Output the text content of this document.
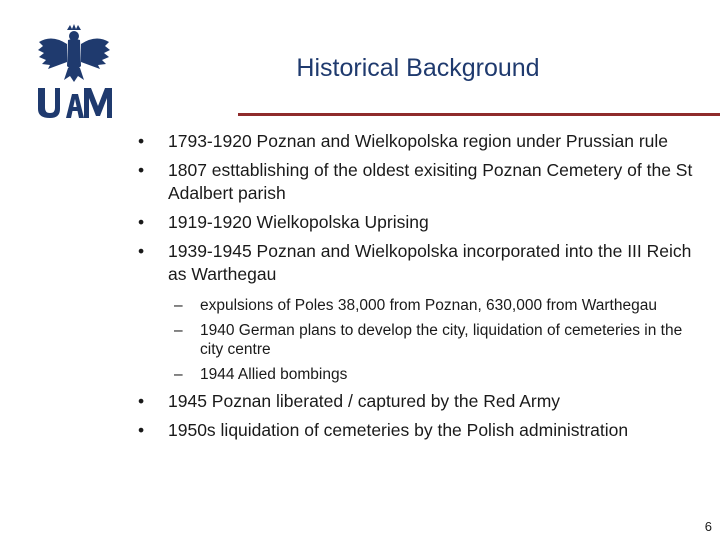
Historical Background
• 1793-1920 Poznan and Wielkopolska region under Prussian rule
• 1807 esttablishing of the oldest exisiting Poznan Cemetery of the St Adalbert parish
• 1919-1920 Wielkopolska Uprising
• 1939-1945 Poznan and Wielkopolska incorporated into the III Reich as Warthegau
– expulsions of Poles 38,000 from Poznan, 630,000 from Warthegau
– 1940 German plans to develop the city, liquidation of cemeteries in the city centre
– 1944 Allied bombings
• 1945 Poznan liberated / captured by the Red Army
• 1950s liquidation of cemeteries by the Polish administration
6
